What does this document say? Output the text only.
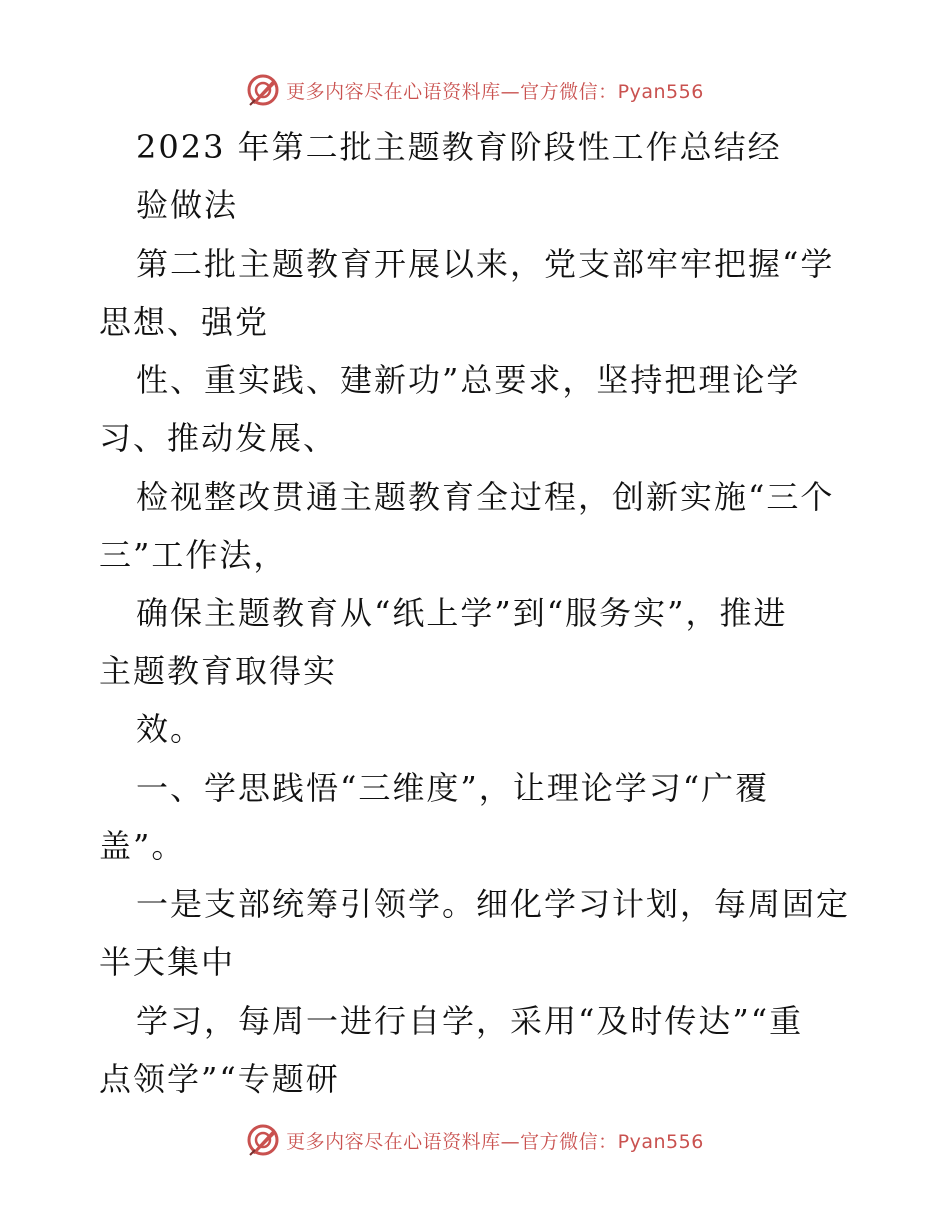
更多内容尽在心语资料库—官方微信：Pyan556
2023 年第二批主题教育阶段性工作总结经
验做法
第二批主题教育开展以来，党支部牢牢把握“学
思想、强党
性、重实践、建新功”总要求，坚持把理论学
习、推动发展、
检视整改贯通主题教育全过程，创新实施“三个
三”工作法，
确保主题教育从“纸上学”到“服务实”，推进
主题教育取得实
效。
一、学思践悟“三维度”，让理论学习“广覆
盖”。
一是支部统筹引领学。细化学习计划，每周固定
半天集中
学习，每周一进行自学，采用“及时传达”“重
点领学”“专题研
更多内容尽在心语资料库—官方微信：Pyan556
